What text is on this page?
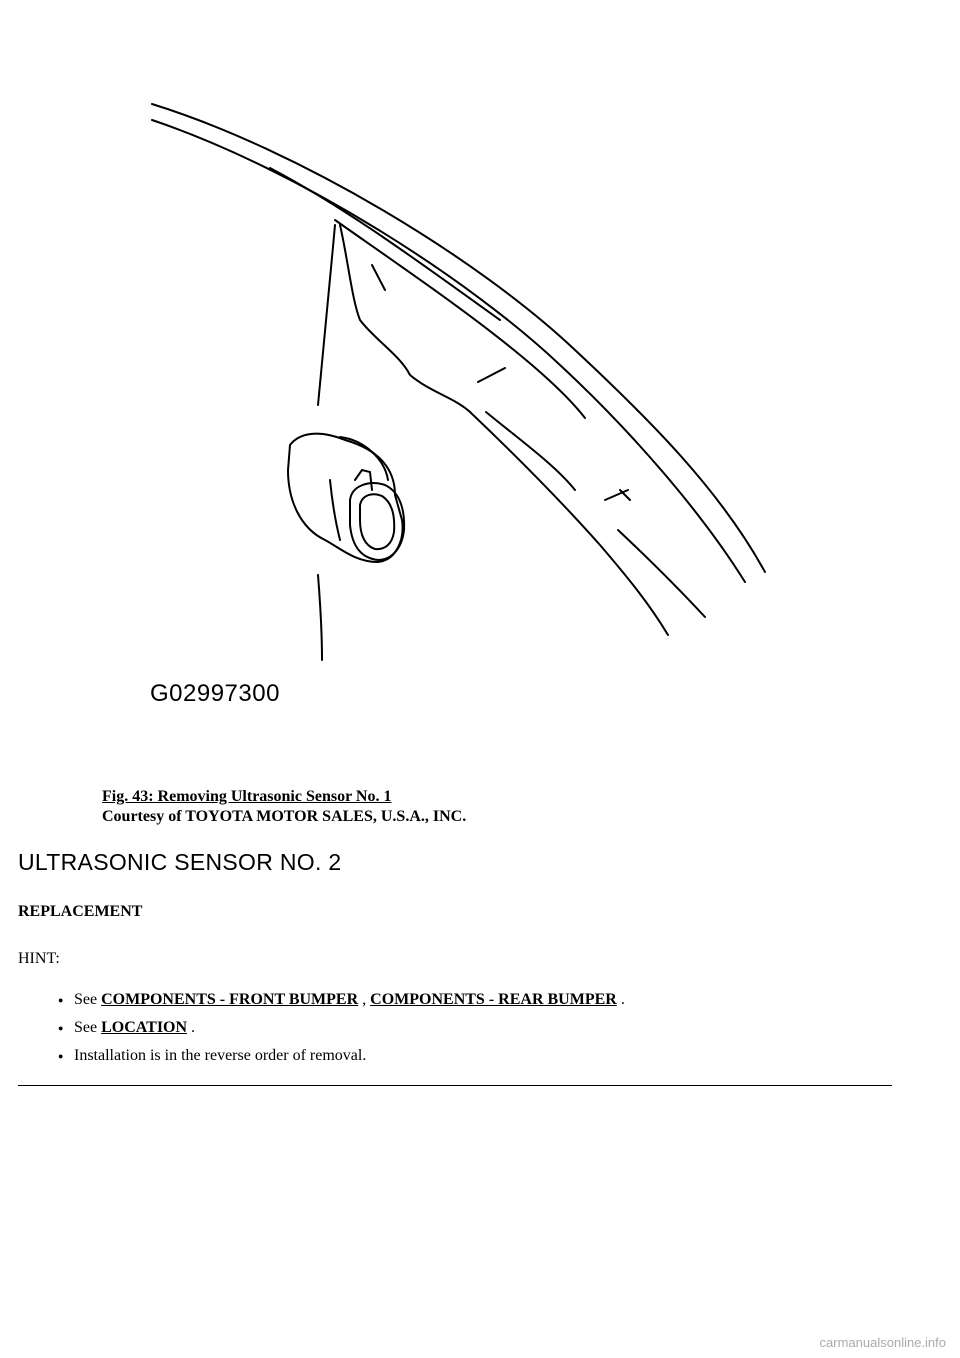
G02997300
Fig. 43: Removing Ultrasonic Sensor No. 1
Courtesy of TOYOTA MOTOR SALES, U.S.A., INC.
ULTRASONIC SENSOR NO. 2
REPLACEMENT
HINT:
● See COMPONENTS - FRONT BUMPER , COMPONENTS - REAR BUMPER .
● See LOCATION .
● Installation is in the reverse order of removal.
carmanualsonline.info
